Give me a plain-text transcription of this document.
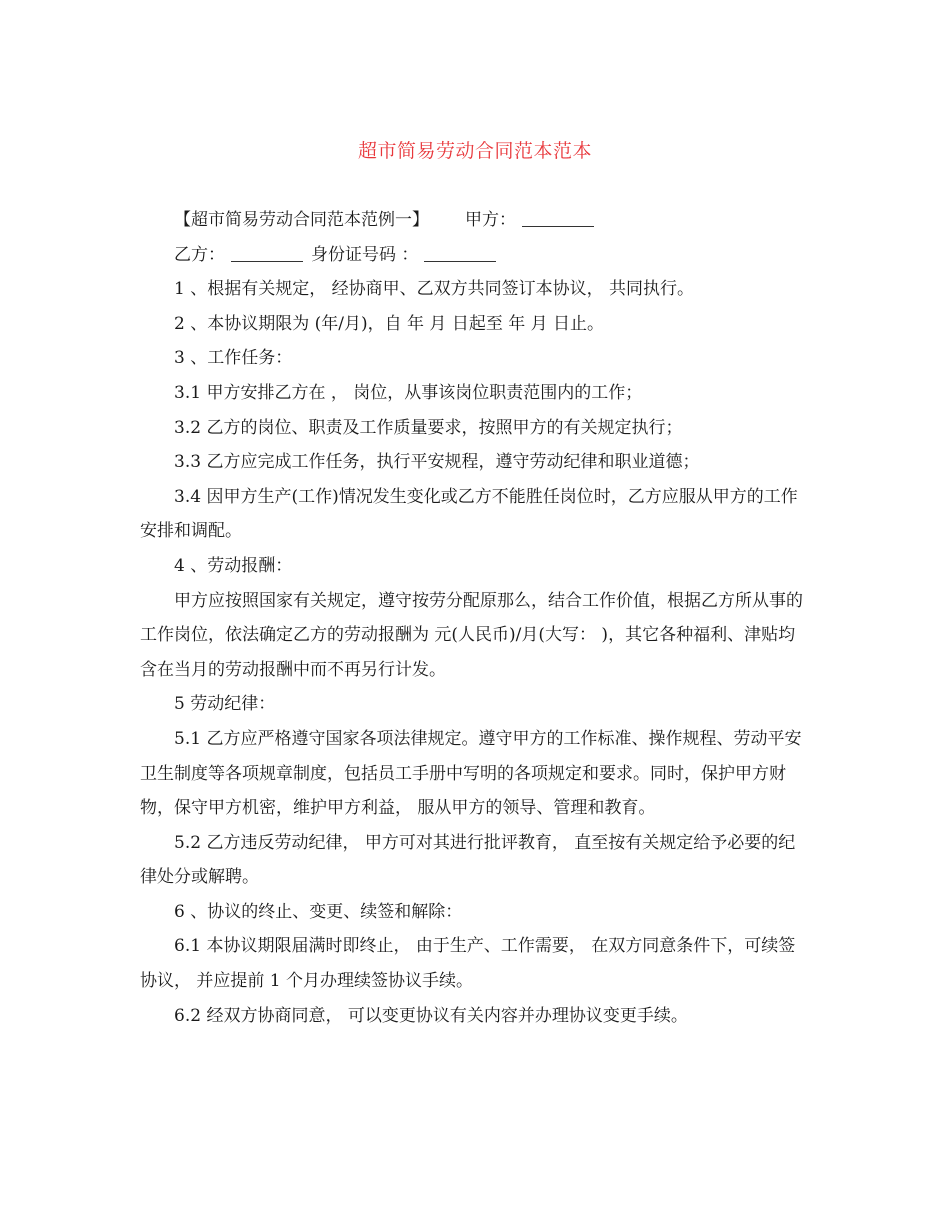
超市简易劳动合同范本范本
【超市简易劳动合同范本范例一】 甲方：
乙方：	身份证号码 ：

1 、根据有关规定， 经协商甲、乙双方共同签订本协议， 共同执行。

2 、本协议期限为 (年/月)，自 年 月 日起至 年 月 日止。

3 、工作任务：

3.1 甲方安排乙方在 ， 岗位，从事该岗位职责范围内的工作；

3.2 乙方的岗位、职责及工作质量要求，按照甲方的有关规定执行；

3.3 乙方应完成工作任务，执行平安规程，遵守劳动纪律和职业道德；

3.4 因甲方生产(工作)情况发生变化或乙方不能胜任岗位时，乙方应服从甲方的工作安排和调配。

4 、劳动报酬：

甲方应按照国家有关规定，遵守按劳分配原那么，结合工作价值，根据乙方所从事的工作岗位，依法确定乙方的劳动报酬为 元(人民币)/月(大写： )，其它各种福利、津贴均含在当月的劳动报酬中而不再另行计发。

5 劳动纪律：

5.1 乙方应严格遵守国家各项法律规定。遵守甲方的工作标准、操作规程、劳动平安卫生制度等各项规章制度，包括员工手册中写明的各项规定和要求。同时，保护甲方财物，保守甲方机密，维护甲方利益， 服从甲方的领导、管理和教育。

5.2 乙方违反劳动纪律， 甲方可对其进行批评教育， 直至按有关规定给予必要的纪律处分或解聘。

6 、协议的终止、变更、续签和解除：

6.1 本协议期限届满时即终止， 由于生产、工作需要， 在双方同意条件下，可续签协议， 并应提前 1 个月办理续签协议手续。

6.2 经双方协商同意， 可以变更协议有关内容并办理协议变更手续。
